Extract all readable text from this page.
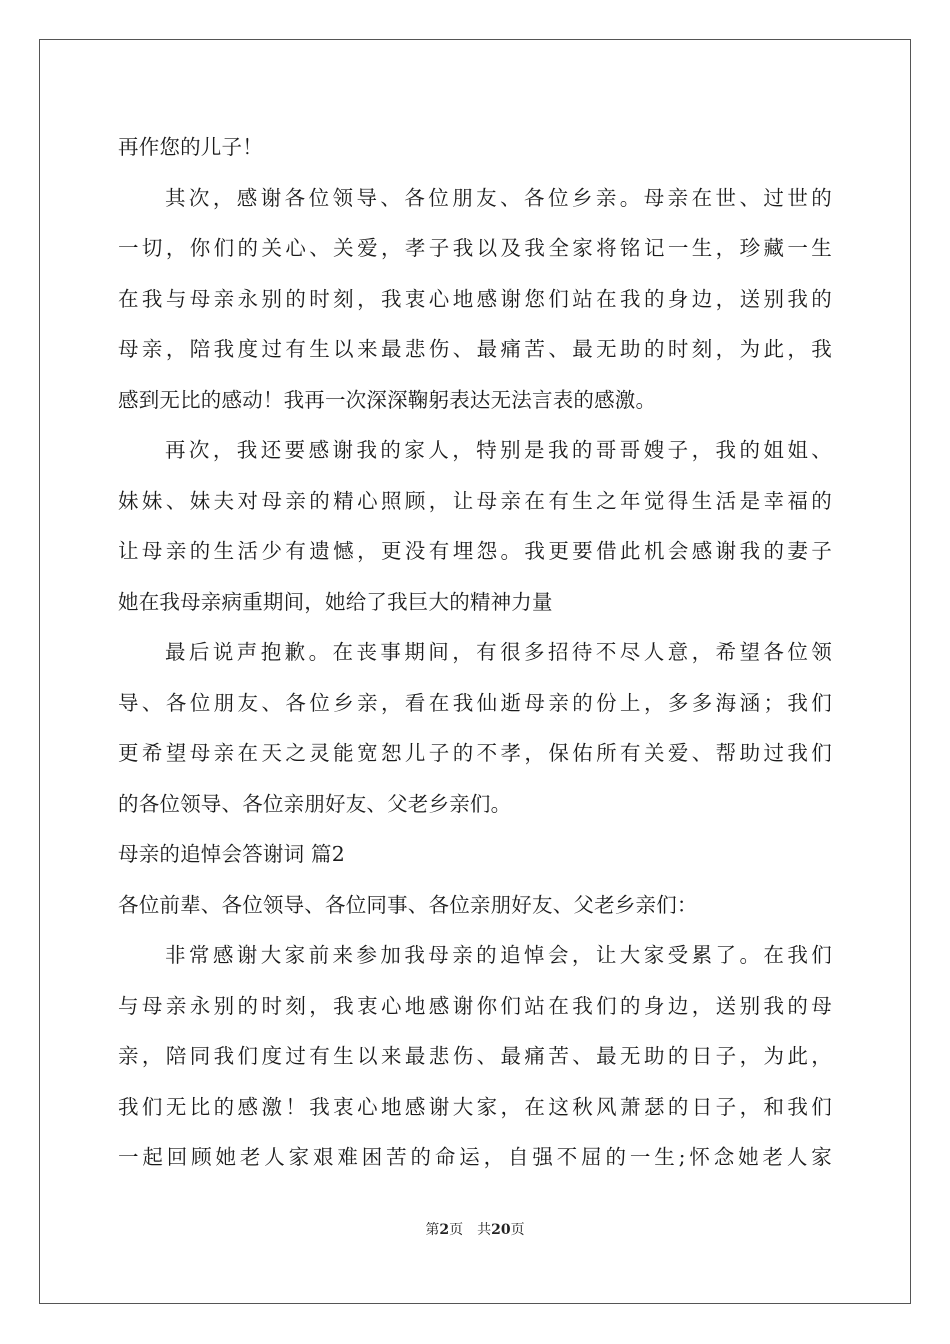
再作您的儿子！
其次，感谢各位领导、各位朋友、各位乡亲。母亲在世、过世的
一切，你们的关心、关爱，孝子我以及我全家将铭记一生，珍藏一生
在我与母亲永别的时刻，我衷心地感谢您们站在我的身边，送别我的
母亲，陪我度过有生以来最悲伤、最痛苦、最无助的时刻，为此，我
感到无比的感动！我再一次深深鞠躬表达无法言表的感激。
再次，我还要感谢我的家人，特别是我的哥哥嫂子，我的姐姐、
妹妹、妹夫对母亲的精心照顾，让母亲在有生之年觉得生活是幸福的
让母亲的生活少有遗憾，更没有埋怨。我更要借此机会感谢我的妻子
她在我母亲病重期间，她给了我巨大的精神力量
最后说声抱歉。在丧事期间，有很多招待不尽人意，希望各位领
导、各位朋友、各位乡亲，看在我仙逝母亲的份上，多多海涵；我们
更希望母亲在天之灵能宽恕儿子的不孝，保佑所有关爱、帮助过我们
的各位领导、各位亲朋好友、父老乡亲们。
母亲的追悼会答谢词 篇2
各位前辈、各位领导、各位同事、各位亲朋好友、父老乡亲们：
非常感谢大家前来参加我母亲的追悼会，让大家受累了。在我们
与母亲永别的时刻，我衷心地感谢你们站在我们的身边，送别我的母
亲，陪同我们度过有生以来最悲伤、最痛苦、最无助的日子，为此，
我们无比的感激！我衷心地感谢大家，在这秋风萧瑟的日子，和我们
一起回顾她老人家艰难困苦的命运，自强不屈的一生;怀念她老人家
第2页 共20页
